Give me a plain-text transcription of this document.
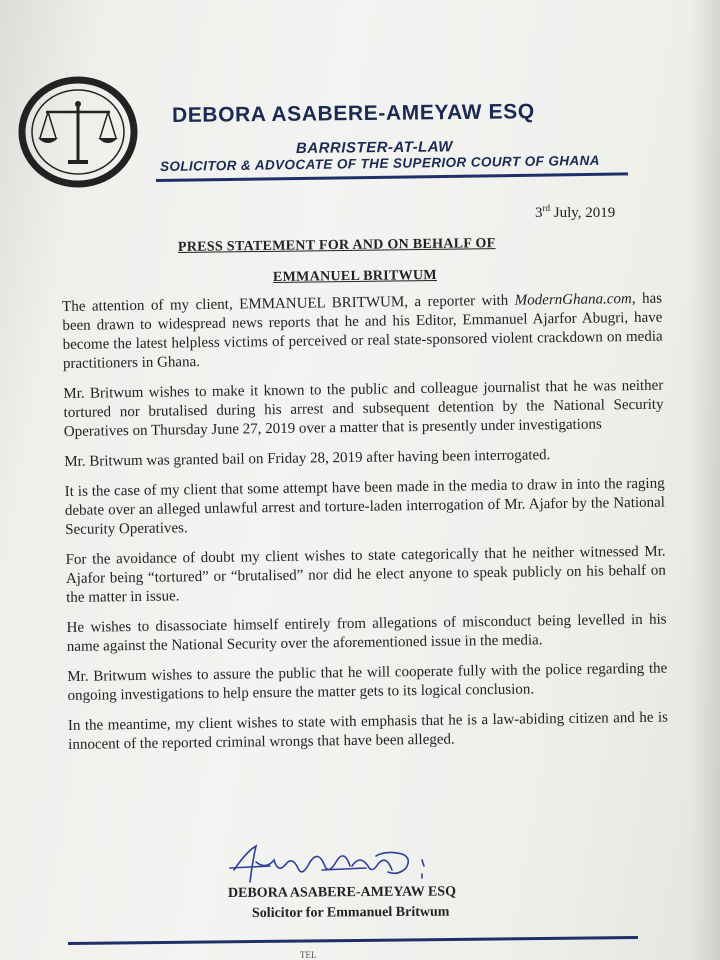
DEBORA ASABERE-AMEYAW ESQ
BARRISTER-AT-LAW
SOLICITOR & ADVOCATE OF THE SUPERIOR COURT OF GHANA
3rd July, 2019
PRESS STATEMENT FOR AND ON BEHALF OF
EMMANUEL BRITWUM

The attention of my client, EMMANUEL BRITWUM, a reporter with ModernGhana.com, has been drawn to widespread news reports that he and his Editor, Emmanuel Ajarfor Abugri, have become the latest helpless victims of perceived or real state-sponsored violent crackdown on media practitioners in Ghana.

Mr. Britwum wishes to make it known to the public and colleague journalist that he was neither tortured nor brutalised during his arrest and subsequent detention by the National Security Operatives on Thursday June 27, 2019 over a matter that is presently under investigations

Mr. Britwum was granted bail on Friday 28, 2019 after having been interrogated.

It is the case of my client that some attempt have been made in the media to draw in into the raging debate over an alleged unlawful arrest and torture-laden interrogation of Mr. Ajafor by the National Security Operatives.

For the avoidance of doubt my client wishes to state categorically that he neither witnessed Mr. Ajafor being “tortured” or “brutalised” nor did he elect anyone to speak publicly on his behalf on the matter in issue.

He wishes to disassociate himself entirely from allegations of misconduct being levelled in his name against the National Security over the aforementioned issue in the media.

Mr. Britwum wishes to assure the public that he will cooperate fully with the police regarding the ongoing investigations to help ensure the matter gets to its logical conclusion.

In the meantime, my client wishes to state with emphasis that he is a law-abiding citizen and he is innocent of the reported criminal wrongs that have been alleged.

DEBORA ASABERE-AMEYAW ESQ
Solicitor for Emmanuel Britwum
TEL
